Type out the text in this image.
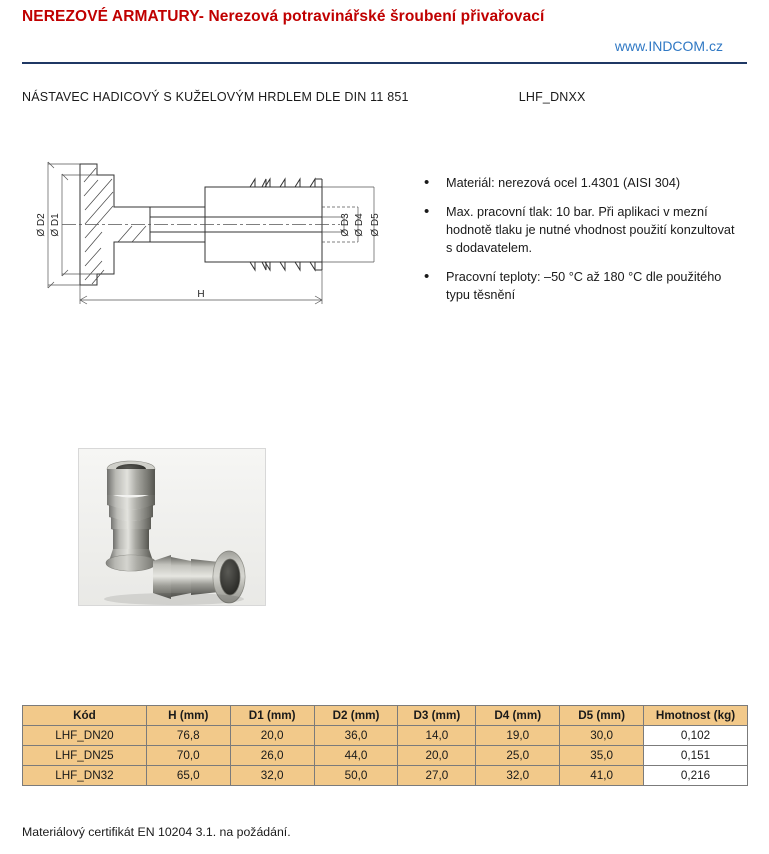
NEREZOVÉ ARMATURY- Nerezová potravinářské šroubení přivařovací
www.INDCOM.cz
NÁSTAVEC HADICOVÝ S KUŽELOVÝM HRDLEM DLE DIN 11 851	LHF_DNXX
Ø D2 Ø D1	Ø D3 Ø D4 Ø D5
H
•	Materiál: nerezová ocel 1.4301 (AISI 304)
•	Max. pracovní tlak: 10 bar. Při aplikaci v mezní hodnotě tlaku je nutné vhodnost použití konzultovat s dodavatelem.
•	Pracovní teploty: –50 °C až 180 °C dle použitého typu těsnění
Kód	H (mm)	D1 (mm)	D2 (mm)	D3 (mm)	D4 (mm)	D5 (mm)	Hmotnost (kg)
LHF_DN20	76,8	20,0	36,0	14,0	19,0	30,0	0,102
LHF_DN25	70,0	26,0	44,0	20,0	25,0	35,0	0,151
LHF_DN32	65,0	32,0	50,0	27,0	32,0	41,0	0,216
Materiálový certifikát EN 10204 3.1. na požádání.
